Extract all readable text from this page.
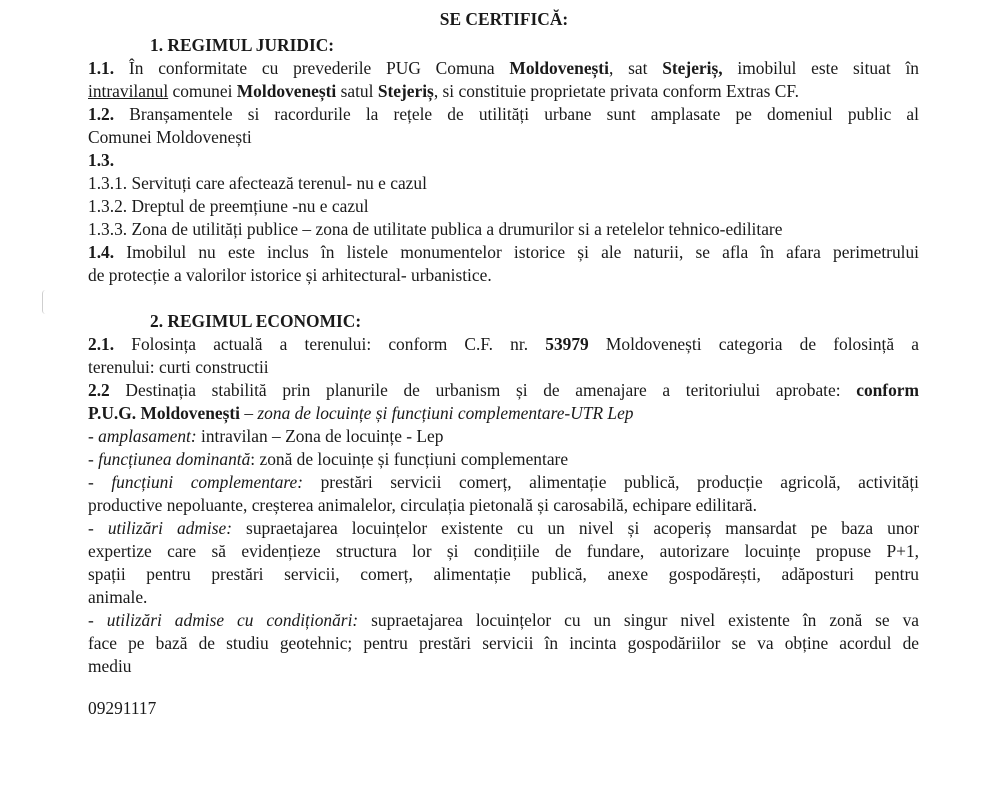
SE CERTIFICĂ:
1. REGIMUL JURIDIC:
1.1. În conformitate cu prevederile PUG Comuna Moldovenești, sat Stejeriș, imobilul este situat în
intravilanul comunei Moldovenești satul Stejeriș, si constituie proprietate privata conform Extras CF.
1.2. Branșamentele si racordurile la rețele de utilități urbane sunt amplasate pe domeniul public al
Comunei Moldovenești
1.3.
1.3.1. Servituți care afectează terenul- nu e cazul
1.3.2. Dreptul de preemțiune -nu e cazul
1.3.3. Zona de utilități publice – zona de utilitate publica a drumurilor si a retelelor tehnico-edilitare
1.4. Imobilul nu este inclus în listele monumentelor istorice și ale naturii, se afla în afara perimetrului
de protecție a valorilor istorice și arhitectural- urbanistice.
2. REGIMUL ECONOMIC:
2.1. Folosința actuală a terenului: conform C.F. nr. 53979 Moldovenești categoria de folosință a
terenului: curti constructii
2.2 Destinația stabilită prin planurile de urbanism și de amenajare a teritoriului aprobate: conform
P.U.G. Moldovenești – zona de locuințe și funcțiuni complementare-UTR Lep
- amplasament: intravilan – Zona de locuințe - Lep
- funcțiunea dominantă: zonă de locuințe și funcțiuni complementare
- funcțiuni complementare: prestări servicii comerț, alimentație publică, producție agricolă, activități
productive nepoluante, creșterea animalelor, circulația pietonală și carosabilă, echipare edilitară.
- utilizări admise: supraetajarea locuințelor existente cu un nivel și acoperiș mansardat pe baza unor
expertize care să evidențieze structura lor și condițiile de fundare, autorizare locuințe propuse P+1,
spații pentru prestări servicii, comerț, alimentație publică, anexe gospodărești, adăposturi pentru
animale.
- utilizări admise cu condiționări: supraetajarea locuințelor cu un singur nivel existente în zonă se va
face pe bază de studiu geotehnic; pentru prestări servicii în incinta gospodăriilor se va obține acordul de
mediu
09291117
